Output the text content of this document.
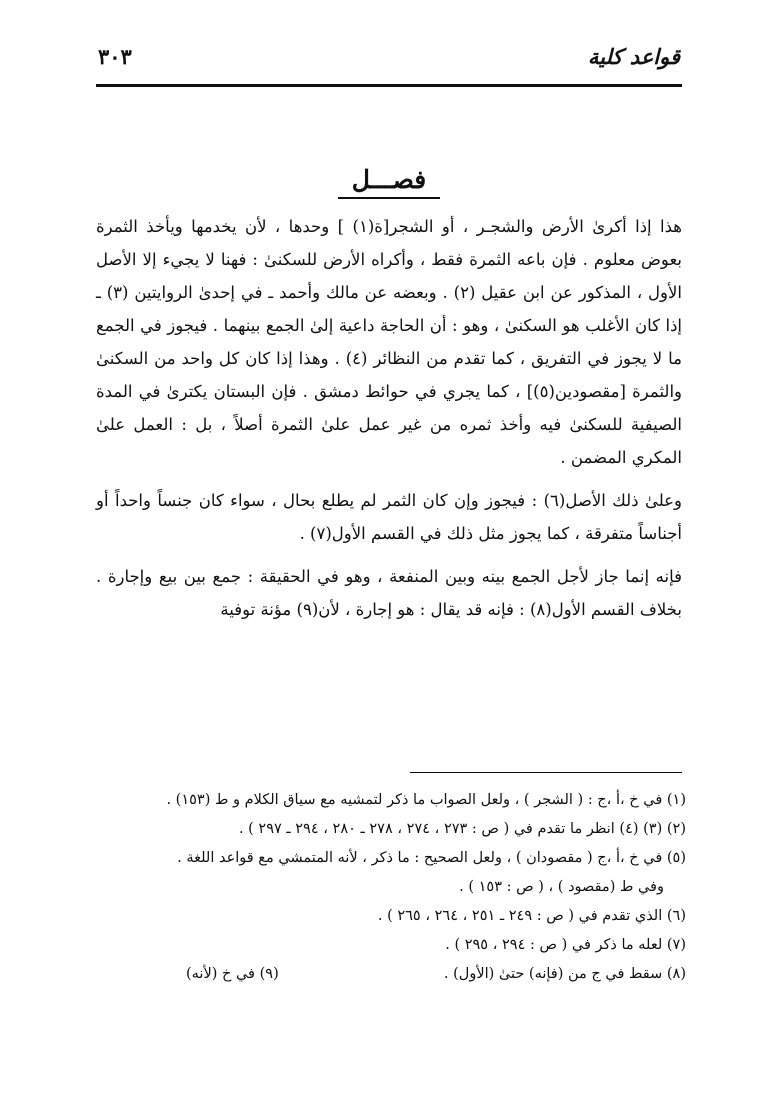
قواعد كلية
٣٠٣
فصـــل

هذا إذا أكرىٰ الأرض والشجـر ، أو الشجر[ة(١) ] وحدها ، لأن يخدمها ويأخذ الثمرة بعوض معلوم . فإن باعه الثمرة فقط ، وأكراه الأرض للسكنىٰ : فهنا لا يجيء إلا الأصل الأول ، المذكور عن ابن عقيل (٢) . وبعضه عن مالك وأحمد ـ في إحدىٰ الروايتين (٣) ـ إذا كان الأغلب هو السكنىٰ ، وهو : أن الحاجة داعية إلىٰ الجمع بينهما . فيجوز في الجمع ما لا يجوز في التفريق ، كما تقدم من النظائر (٤) . وهذا إذا كان كل واحد من السكنىٰ والثمرة [مقصودين(٥)] ، كما يجري في حوائط دمشق . فإن البستان يكترىٰ في المدة الصيفية للسكنىٰ فيه وأخذ ثمره من غير عمل علىٰ الثمرة أصلاً ، بل : العمل علىٰ المكري المضمن .

وعلىٰ ذلك الأصل(٦) : فيجوز وإن كان الثمر لم يطلع بحال ، سواء كان جنساً واحداً أو أجناساً متفرقة ، كما يجوز مثل ذلك في القسم الأول(٧) .

فإنه إنما جاز لأجل الجمع بينه وبين المنفعة ، وهو في الحقيقة : جمع بين بيع وإجارة . بخلاف القسم الأول(٨) : فإنه قد يقال : هو إجارة ، لأن(٩) مؤنة توفية

(١) في خ ،أ ،ج : ( الشجر ) ، ولعل الصواب ما ذكر لتمشيه مع سياق الكلام و ط (١٥٣) .

(٢) (٣) (٤) انظر ما تقدم في ( ص : ٢٧٣ ، ٢٧٤ ، ٢٧٨ ـ ٢٨٠ ، ٢٩٤ ـ ٢٩٧ ) .

(٥) في خ ،أ ،ج ( مقصودان ) ، ولعل الصحيح : ما ذكر ، لأنه المتمشي مع قواعد اللغة .

وفي ط (مقصود ) ، ( ص : ١٥٣ ) .

(٦) الذي تقدم في ( ص : ٢٤٩ ـ ٢٥١ ، ٢٦٤ ، ٢٦٥ ) .

(٧) لعله ما ذكر في ( ص : ٢٩٤ ، ٢٩٥ ) .

(٨) سقط في ج من (فإنه) حتىٰ (الأول) .
(٩) في خ (لأنه)
